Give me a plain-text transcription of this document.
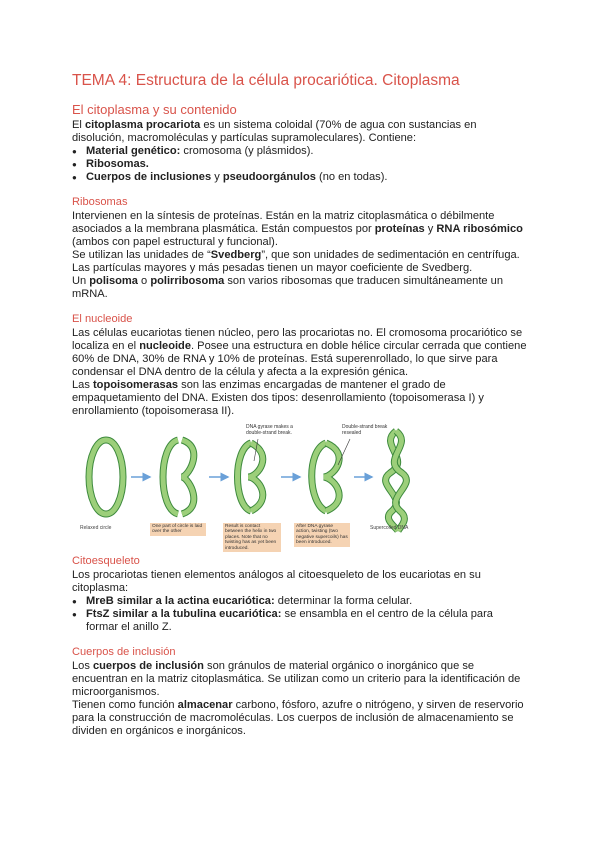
TEMA 4: Estructura de la célula procariótica. Citoplasma
El citoplasma y su contenido

El citoplasma procariota es un sistema coloidal (70% de agua con sustancias en disolución, macromoléculas y partículas supramoleculares). Contiene:

● Material genético: cromosoma (y plásmidos).
● Ribosomas.
● Cuerpos de inclusiones y pseudoorgánulos (no en todas).
Ribosomas

Intervienen en la síntesis de proteínas. Están en la matriz citoplasmática o débilmente asociados a la membrana plasmática. Están compuestos por proteínas y RNA ribosómico (ambos con papel estructural y funcional).

Se utilizan las unidades de “Svedberg”, que son unidades de sedimentación en centrífuga. Las partículas mayores y más pesadas tienen un mayor coeficiente de Svedberg.

Un polisoma o polirribosoma son varios ribosomas que traducen simultáneamente un mRNA.

El nucleoide

Las células eucariotas tienen núcleo, pero las procariotas no. El cromosoma procariótico se localiza en el nucleoide. Posee una estructura en doble hélice circular cerrada que contiene 60% de DNA, 30% de RNA y 10% de proteínas. Está superenrollado, lo que sirve para condensar el DNA dentro de la célula y afecta a la expresión génica.

Las topoisomerasas son las enzimas encargadas de mantener el grado de empaquetamiento del DNA. Existen dos tipos: desenrollamiento (topoisomerasa I) y enrollamiento (topoisomerasa II).

DNA gyrase makes a double-strand break.
Double-strand break resealed
Relaxed circle	One part of circle is laid over the other
Result is contact between the helix in two places. Note that no twisting has as yet been introduced.
After DNA gyrase action, twisting (two negative supercoils) has been introduced.
Supercoiled DNA
Citoesqueleto

Los procariotas tienen elementos análogos al citoesqueleto de los eucariotas en su citoplasma:

● MreB similar a la actina eucariótica: determinar la forma celular.
● FtsZ similar a la tubulina eucariótica: se ensambla en el centro de la célula para formar el anillo Z.
Cuerpos de inclusión

Los cuerpos de inclusión son gránulos de material orgánico o inorgánico que se encuentran en la matriz citoplasmática. Se utilizan como un criterio para la identificación de microorganismos.

Tienen como función almacenar carbono, fósforo, azufre o nitrógeno, y sirven de reservorio para la construcción de macromoléculas. Los cuerpos de inclusión de almacenamiento se dividen en orgánicos e inorgánicos.
